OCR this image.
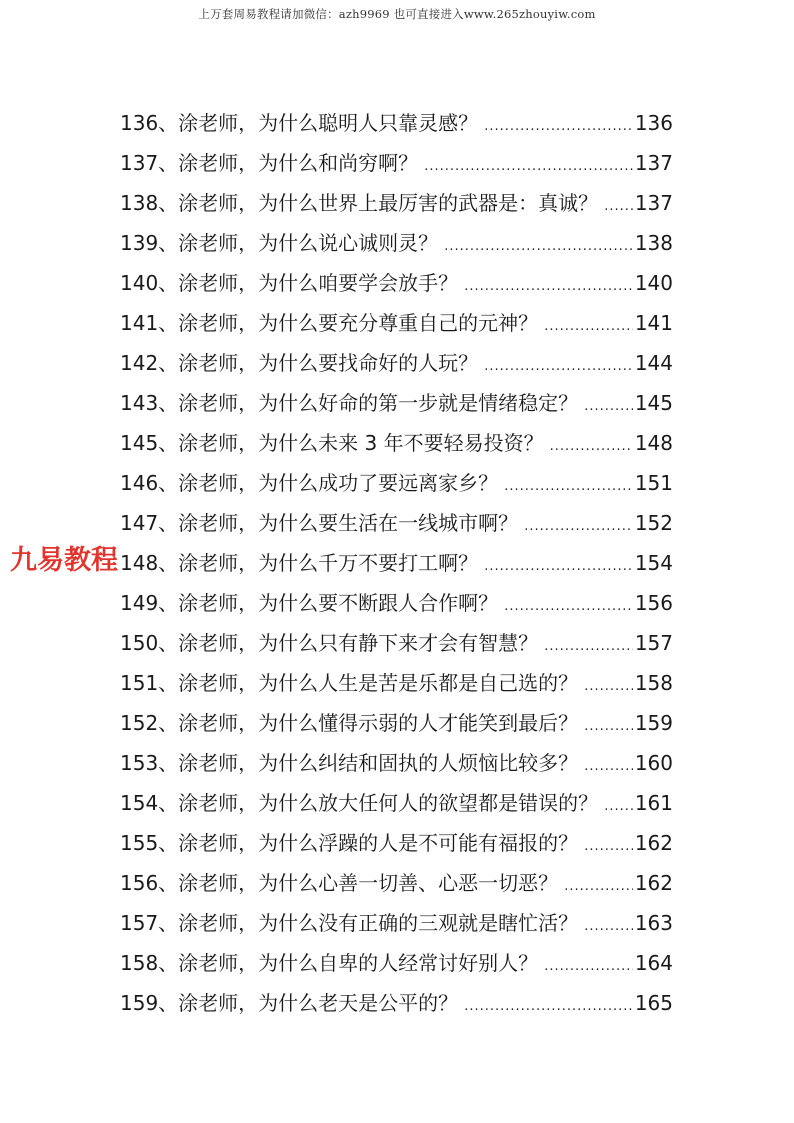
上万套周易教程请加微信：azh9969 也可直接进入www.265zhouyiw.com
136、涂老师，为什么聪明人只靠灵感？ .....	136
137、涂老师，为什么和尚穷啊？ .....	137
138、涂老师，为什么世界上最厉害的武器是：真诚？ ..... 137
139、涂老师，为什么说心诚则灵？ .....	138
140、涂老师，为什么咱要学会放手？ .....	140
141、涂老师，为什么要充分尊重自己的元神？ .....	141
142、涂老师，为什么要找命好的人玩？ .....	144
143、涂老师，为什么好命的第一步就是情绪稳定？ .....	145
145、涂老师，为什么未来 3 年不要轻易投资？ .....	148
146、涂老师，为什么成功了要远离家乡？ .....	151
147、涂老师，为什么要生活在一线城市啊？ .....	152
148、涂老师，为什么千万不要打工啊？ .....	154
149、涂老师，为什么要不断跟人合作啊？ .....	156
150、涂老师，为什么只有静下来才会有智慧？ .....	157
151、涂老师，为什么人生是苦是乐都是自己选的？ .....	158
152、涂老师，为什么懂得示弱的人才能笑到最后？ .....	159
153、涂老师，为什么纠结和固执的人烦恼比较多？ .....	160
154、涂老师，为什么放大任何人的欲望都是错误的？ ..... 161
155、涂老师，为什么浮躁的人是不可能有福报的？ .....	162
156、涂老师，为什么心善一切善、心恶一切恶？ .....	162
157、涂老师，为什么没有正确的三观就是瞎忙活？ .....	163
158、涂老师，为什么自卑的人经常讨好别人？ .....	164
159、涂老师，为什么老天是公平的？ .....	165
九易教程
